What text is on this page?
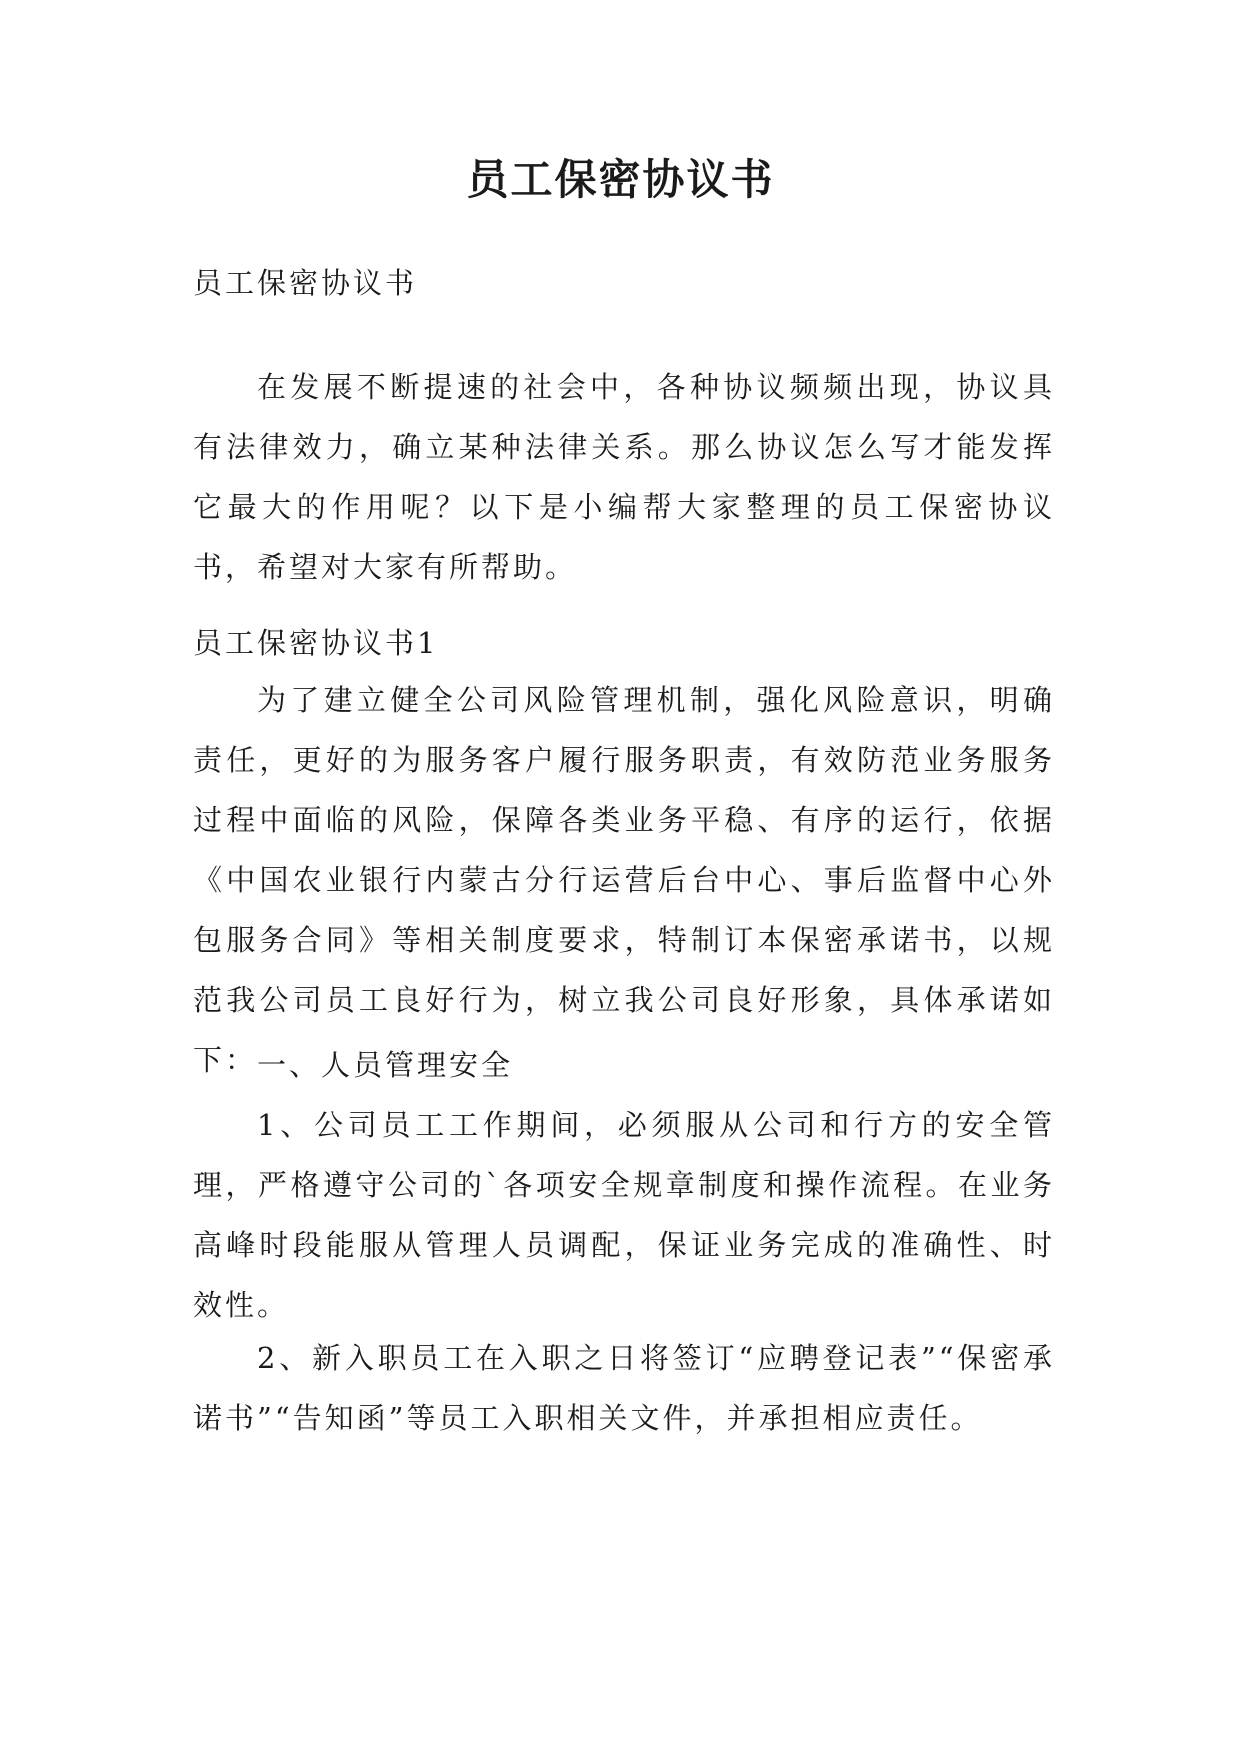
员工保密协议书

员工保密协议书

在发展不断提速的社会中，各种协议频频出现，协议具有法律效力，确立某种法律关系。那么协议怎么写才能发挥它最大的作用呢？以下是小编帮大家整理的员工保密协议书，希望对大家有所帮助。

员工保密协议书1

为了建立健全公司风险管理机制，强化风险意识，明确责任，更好的为服务客户履行服务职责，有效防范业务服务过程中面临的风险，保障各类业务平稳、有序的运行，依据《中国农业银行内蒙古分行运营后台中心、事后监督中心外包服务合同》等相关制度要求，特制订本保密承诺书，以规范我公司员工良好行为，树立我公司良好形象，具体承诺如下： 一、人员管理安全

1、公司员工工作期间，必须服从公司和行方的安全管理，严格遵守公司的`各项安全规章制度和操作流程。在业务高峰时段能服从管理人员调配，保证业务完成的准确性、时效性。

2、新入职员工在入职之日将签订“应聘登记表”“保密承诺书”“告知函”等员工入职相关文件，并承担相应责任。
